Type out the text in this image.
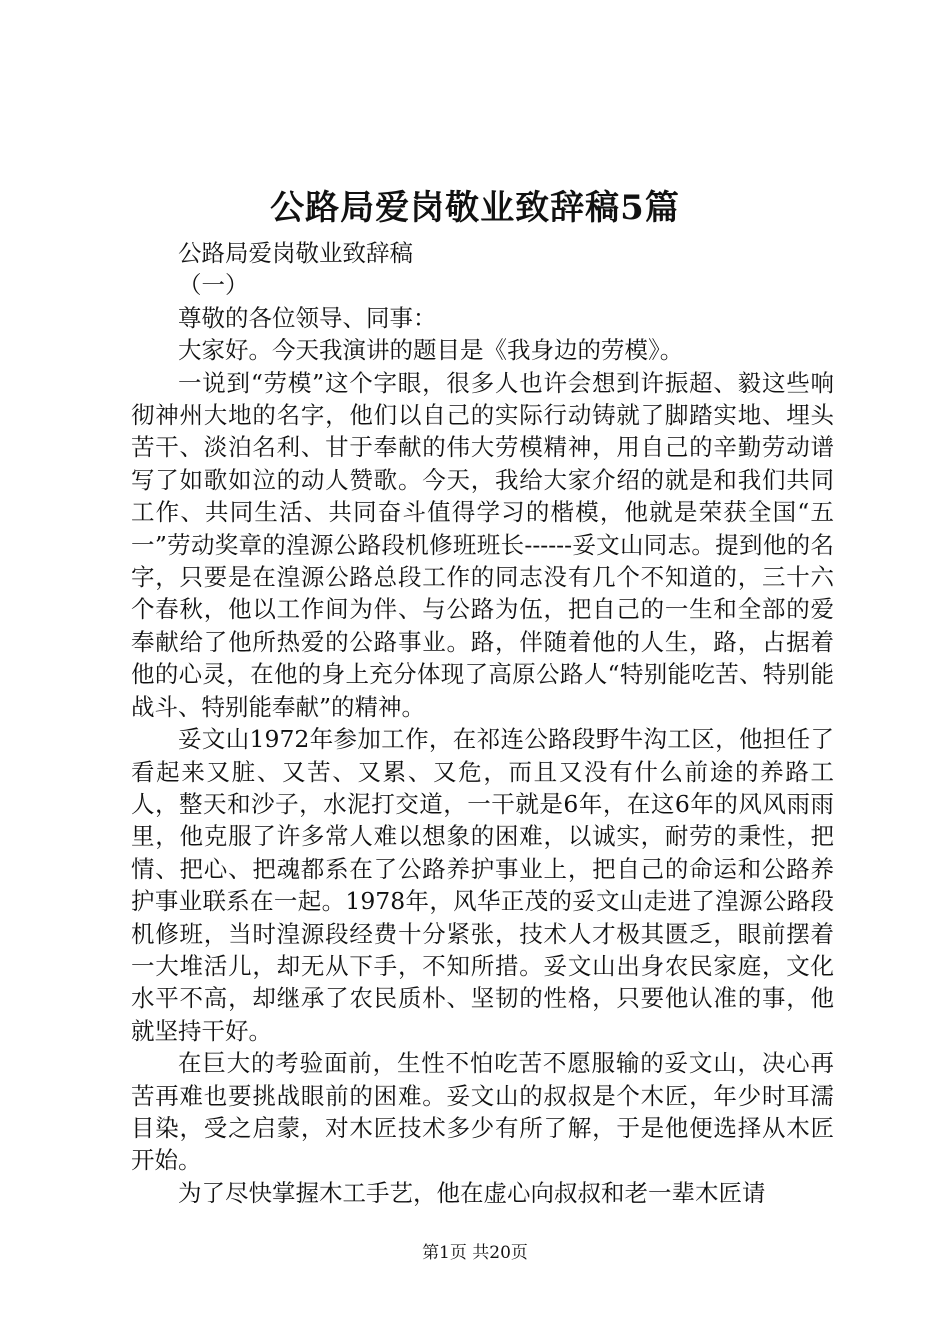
公路局爱岗敬业致辞稿5篇

公路局爱岗敬业致辞稿

（一）

尊敬的各位领导、同事：

大家好。今天我演讲的题目是《我身边的劳模》。

一说到“劳模”这个字眼，很多人也许会想到许振超、毅这些响彻神州大地的名字，他们以自己的实际行动铸就了脚踏实地、埋头苦干、淡泊名利、甘于奉献的伟大劳模精神，用自己的辛勤劳动谱写了如歌如泣的动人赞歌。今天，我给大家介绍的就是和我们共同工作、共同生活、共同奋斗值得学习的楷模，他就是荣获全国“五一”劳动奖章的湟源公路段机修班班长------妥文山同志。提到他的名字，只要是在湟源公路总段工作的同志没有几个不知道的，三十六个春秋，他以工作间为伴、与公路为伍，把自己的一生和全部的爱奉献给了他所热爱的公路事业。路，伴随着他的人生，路，占据着他的心灵，在他的身上充分体现了高原公路人“特别能吃苦、特别能战斗、特别能奉献”的精神。

妥文山1972年参加工作，在祁连公路段野牛沟工区，他担任了看起来又脏、又苦、又累、又危，而且又没有什么前途的养路工人，整天和沙子，水泥打交道，一干就是6年，在这6年的风风雨雨里，他克服了许多常人难以想象的困难，以诚实，耐劳的秉性，把情、把心、把魂都系在了公路养护事业上，把自己的命运和公路养护事业联系在一起。1978年，风华正茂的妥文山走进了湟源公路段机修班，当时湟源段经费十分紧张，技术人才极其匮乏，眼前摆着一大堆活儿，却无从下手，不知所措。妥文山出身农民家庭，文化水平不高，却继承了农民质朴、坚韧的性格，只要他认准的事，他就坚持干好。

在巨大的考验面前，生性不怕吃苦不愿服输的妥文山，决心再苦再难也要挑战眼前的困难。妥文山的叔叔是个木匠，年少时耳濡目染，受之启蒙，对木匠技术多少有所了解，于是他便选择从木匠开始。

为了尽快掌握木工手艺，他在虚心向叔叔和老一辈木匠请

第1页 共20页
